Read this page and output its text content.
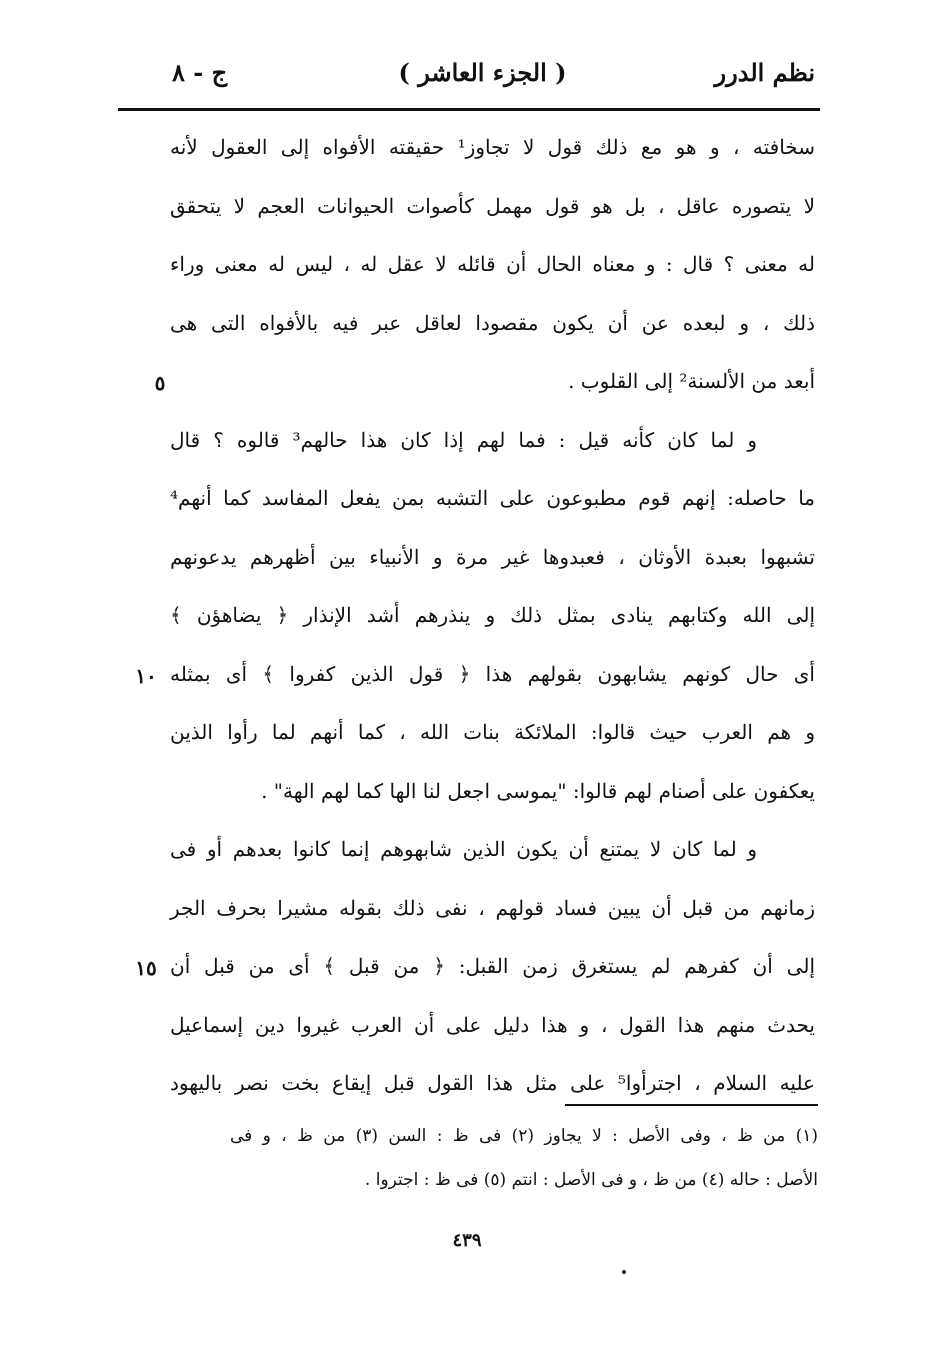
نظم الدرر
( الجزء العاشر )
ج - ٨
سخافته ، و هو مع ذلك قول لا تجاوز¹ حقيقته الأفواه إلى العقول لأنه
لا يتصوره عاقل ، بل هو قول مهمل كأصوات الحيوانات العجم لا يتحقق
له معنى ؟ قال : و معناه الحال أن قائله لا عقل له ، ليس له معنى وراء
ذلك ، و لبعده عن أن يكون مقصودا لعاقل عبر فيه بالأفواه التى هى
أبعد من الألسنة² إلى القلوب .
و لما كان كأنه قيل : فما لهم إذا كان هذا حالهم³ قالوه ؟ قال
ما حاصله: إنهم قوم مطبوعون على التشبه بمن يفعل المفاسد كما أنهم⁴
تشبهوا بعبدة الأوثان ، فعبدوها غير مرة و الأنبياء بين أظهرهم يدعونهم
إلى الله وكتابهم ينادى بمثل ذلك و ينذرهم أشد الإنذار ﴿ يضاهؤن ﴾
أى حال كونهم يشابهون بقولهم هذا ﴿ قول الذين كفروا ﴾ أى بمثله
و هم العرب حيث قالوا: الملائكة بنات الله ، كما أنهم لما رأوا الذين
يعكفون على أصنام لهم قالوا: "يموسى اجعل لنا الها كما لهم الهة" .
و لما كان لا يمتنع أن يكون الذين شابهوهم إنما كانوا بعدهم أو فى
زمانهم من قبل أن يبين فساد قولهم ، نفى ذلك بقوله مشيرا بحرف الجر
إلى أن كفرهم لم يستغرق زمن القبل: ﴿ من قبل ﴾ أى من قبل أن
يحدث منهم هذا القول ، و هذا دليل على أن العرب غيروا دين إسماعيل
عليه السلام ، اجترأوا⁵ على مثل هذا القول قبل إيقاع بخت نصر باليهود
٥
١٠
١٥
(١) من ظ ، وفى الأصل : لا يجاوز (٢) فى ظ : السن (٣) من ظ ، و فى
الأصل : حاله (٤) من ظ ، و فى الأصل : انتم (٥) فى ظ : اجتروا .
٤٣٩
